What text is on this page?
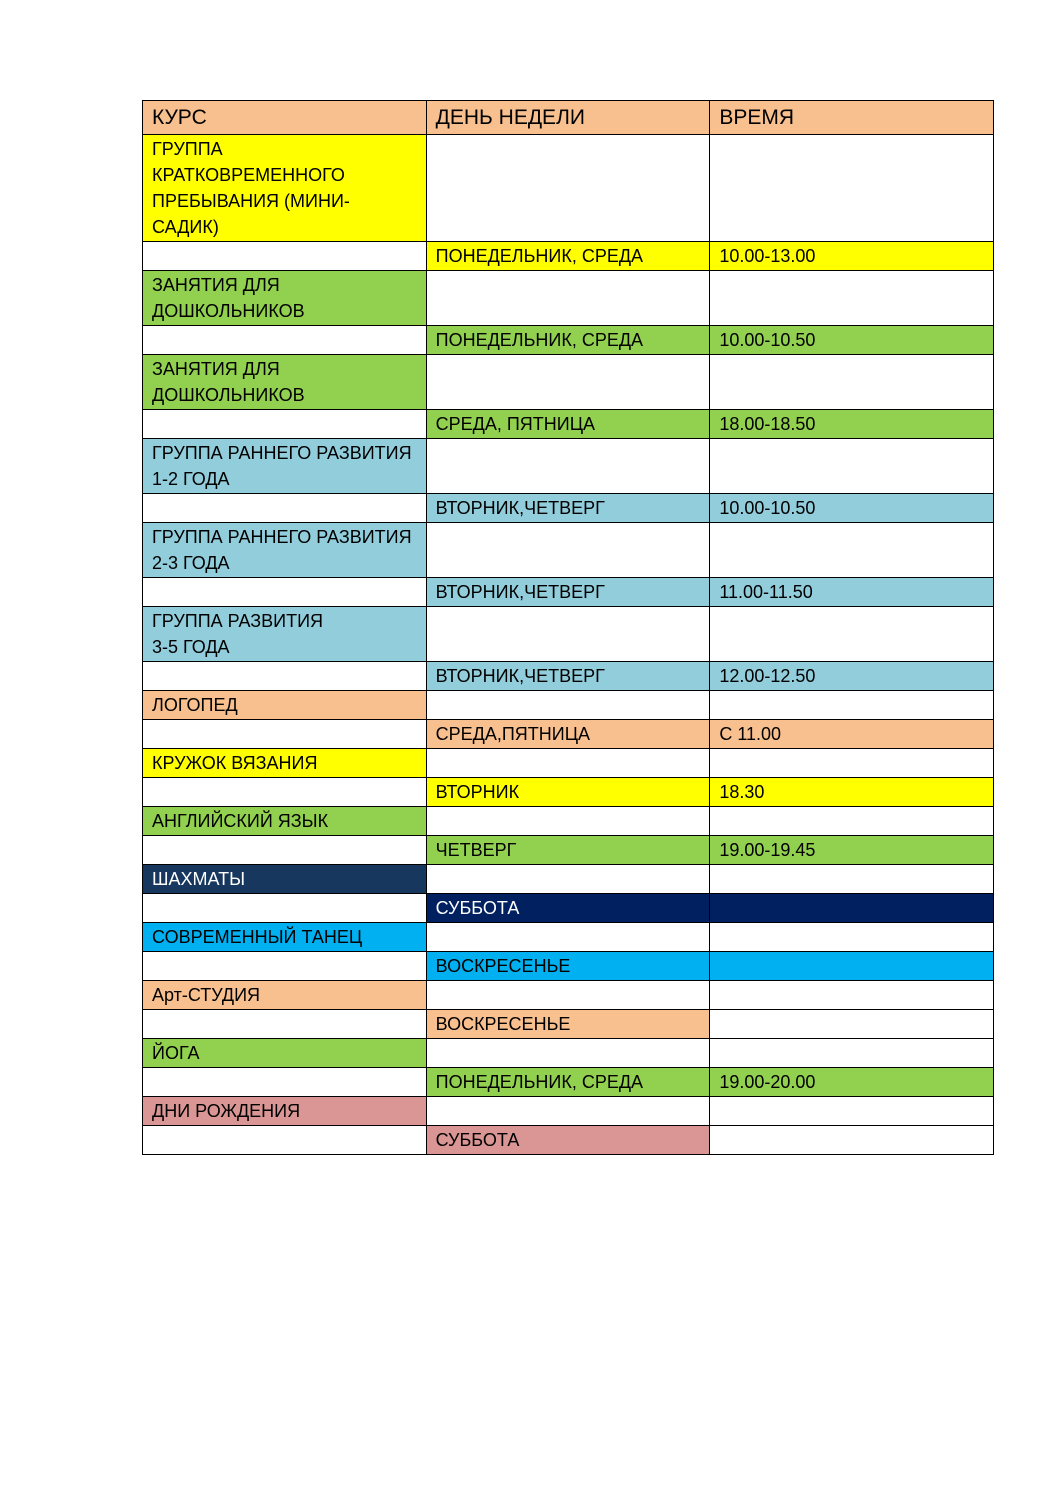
КУРС	ДЕНЬ НЕДЕЛИ	ВРЕМЯ
ГРУППА КРАТКОВРЕМЕННОГО ПРЕБЫВАНИЯ (МИНИ-САДИК)		
	ПОНЕДЕЛЬНИК, СРЕДА	10.00-13.00
ЗАНЯТИЯ ДЛЯ ДОШКОЛЬНИКОВ		
	ПОНЕДЕЛЬНИК, СРЕДА	10.00-10.50
ЗАНЯТИЯ ДЛЯ ДОШКОЛЬНИКОВ		
	СРЕДА, ПЯТНИЦА	18.00-18.50
ГРУППА РАННЕГО РАЗВИТИЯ 1-2 ГОДА		
	ВТОРНИК,ЧЕТВЕРГ	10.00-10.50
ГРУППА РАННЕГО РАЗВИТИЯ 2-3 ГОДА		
	ВТОРНИК,ЧЕТВЕРГ	11.00-11.50
ГРУППА РАЗВИТИЯ
3-5 ГОДА		
	ВТОРНИК,ЧЕТВЕРГ	12.00-12.50
ЛОГОПЕД		
	СРЕДА,ПЯТНИЦА	С 11.00
КРУЖОК ВЯЗАНИЯ		
	ВТОРНИК	18.30
АНГЛИЙСКИЙ ЯЗЫК		
	ЧЕТВЕРГ	19.00-19.45
ШАХМАТЫ		
	СУББОТА	
СОВРЕМЕННЫЙ ТАНЕЦ		
	ВОСКРЕСЕНЬЕ	
Арт-СТУДИЯ		
	ВОСКРЕСЕНЬЕ	
ЙОГА		
	ПОНЕДЕЛЬНИК, СРЕДА	19.00-20.00
ДНИ РОЖДЕНИЯ		
	СУББОТА	
